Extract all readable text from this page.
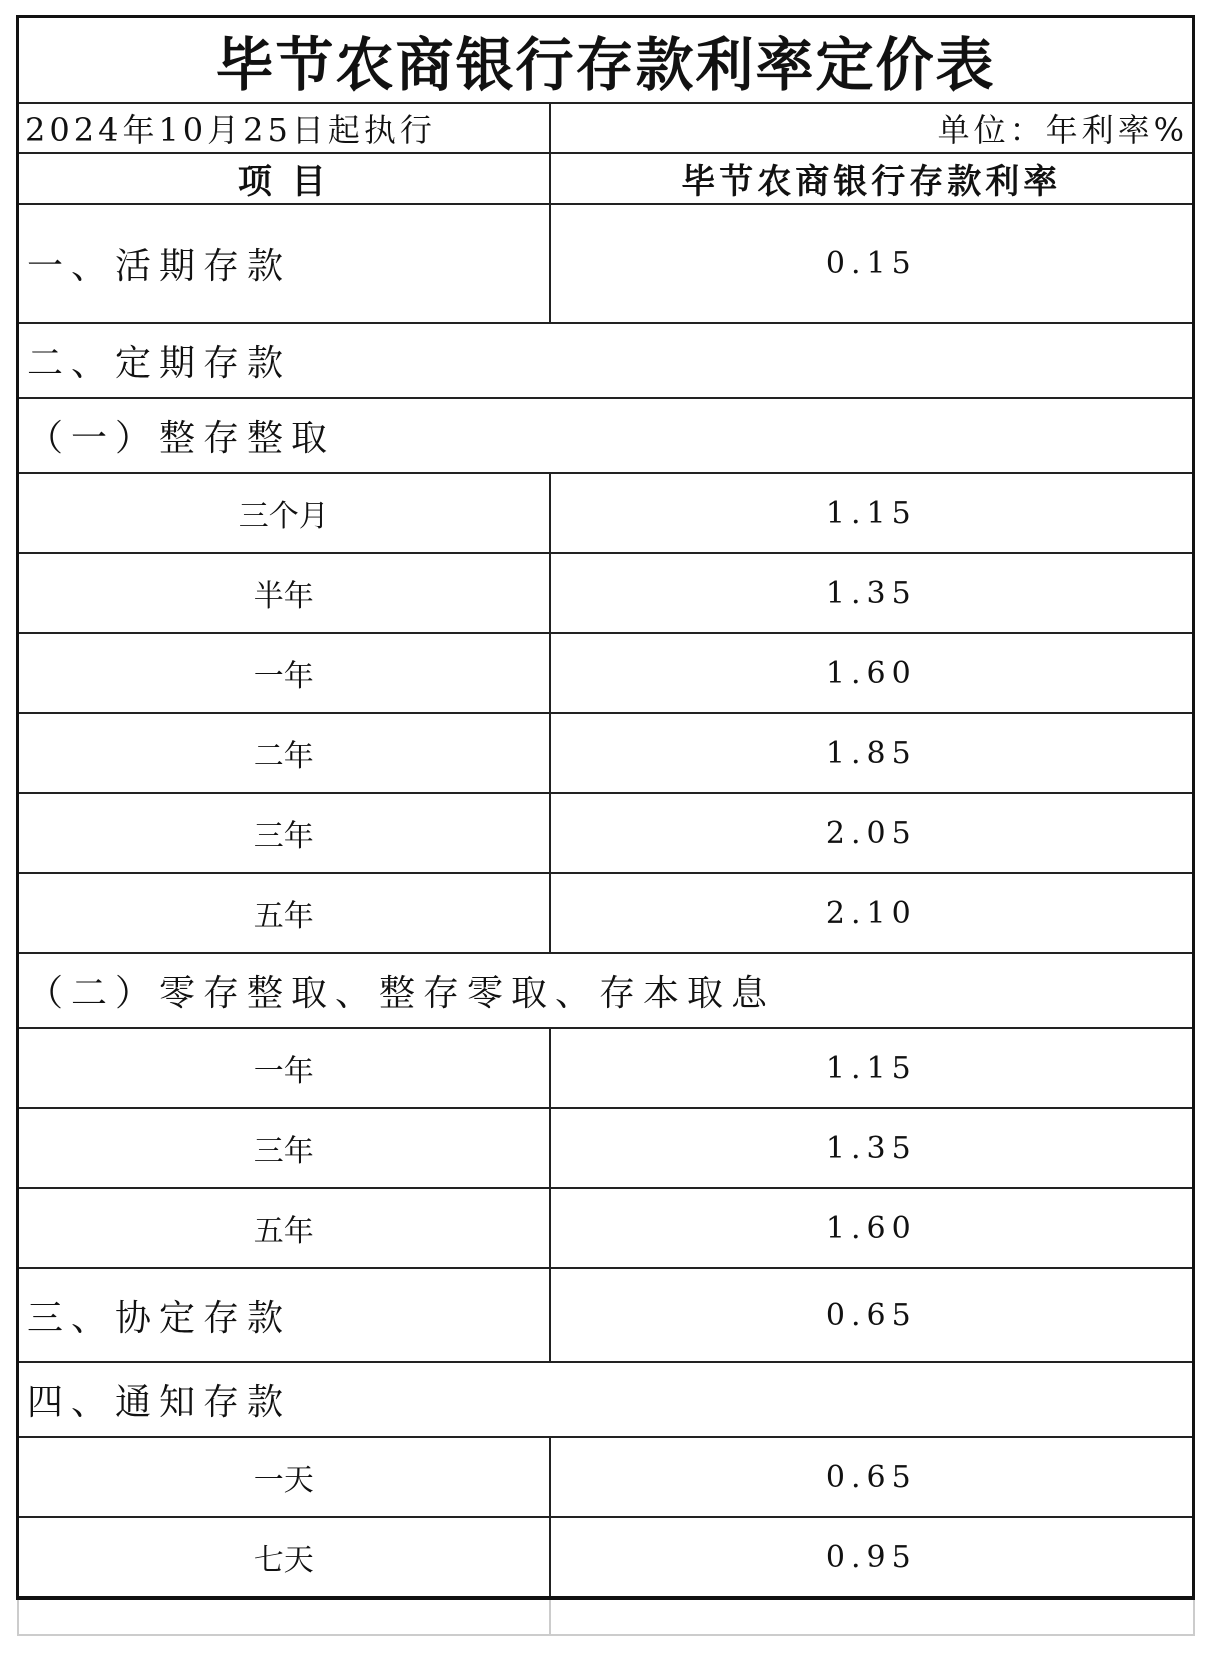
毕节农商银行存款利率定价表	
2024年10月25日起执行	单位：年利率%
项 目	毕节农商银行存款利率
一、活期存款	0.15
二、定期存款	
（一）整存整取	
三个月	1.15
半年	1.35
一年	1.60
二年	1.85
三年	2.05
五年	2.10
（二）零存整取、整存零取、存本取息	
一年	1.15
三年	1.35
五年	1.60
三、协定存款	0.65
四、通知存款	
一天	0.65
七天	0.95
